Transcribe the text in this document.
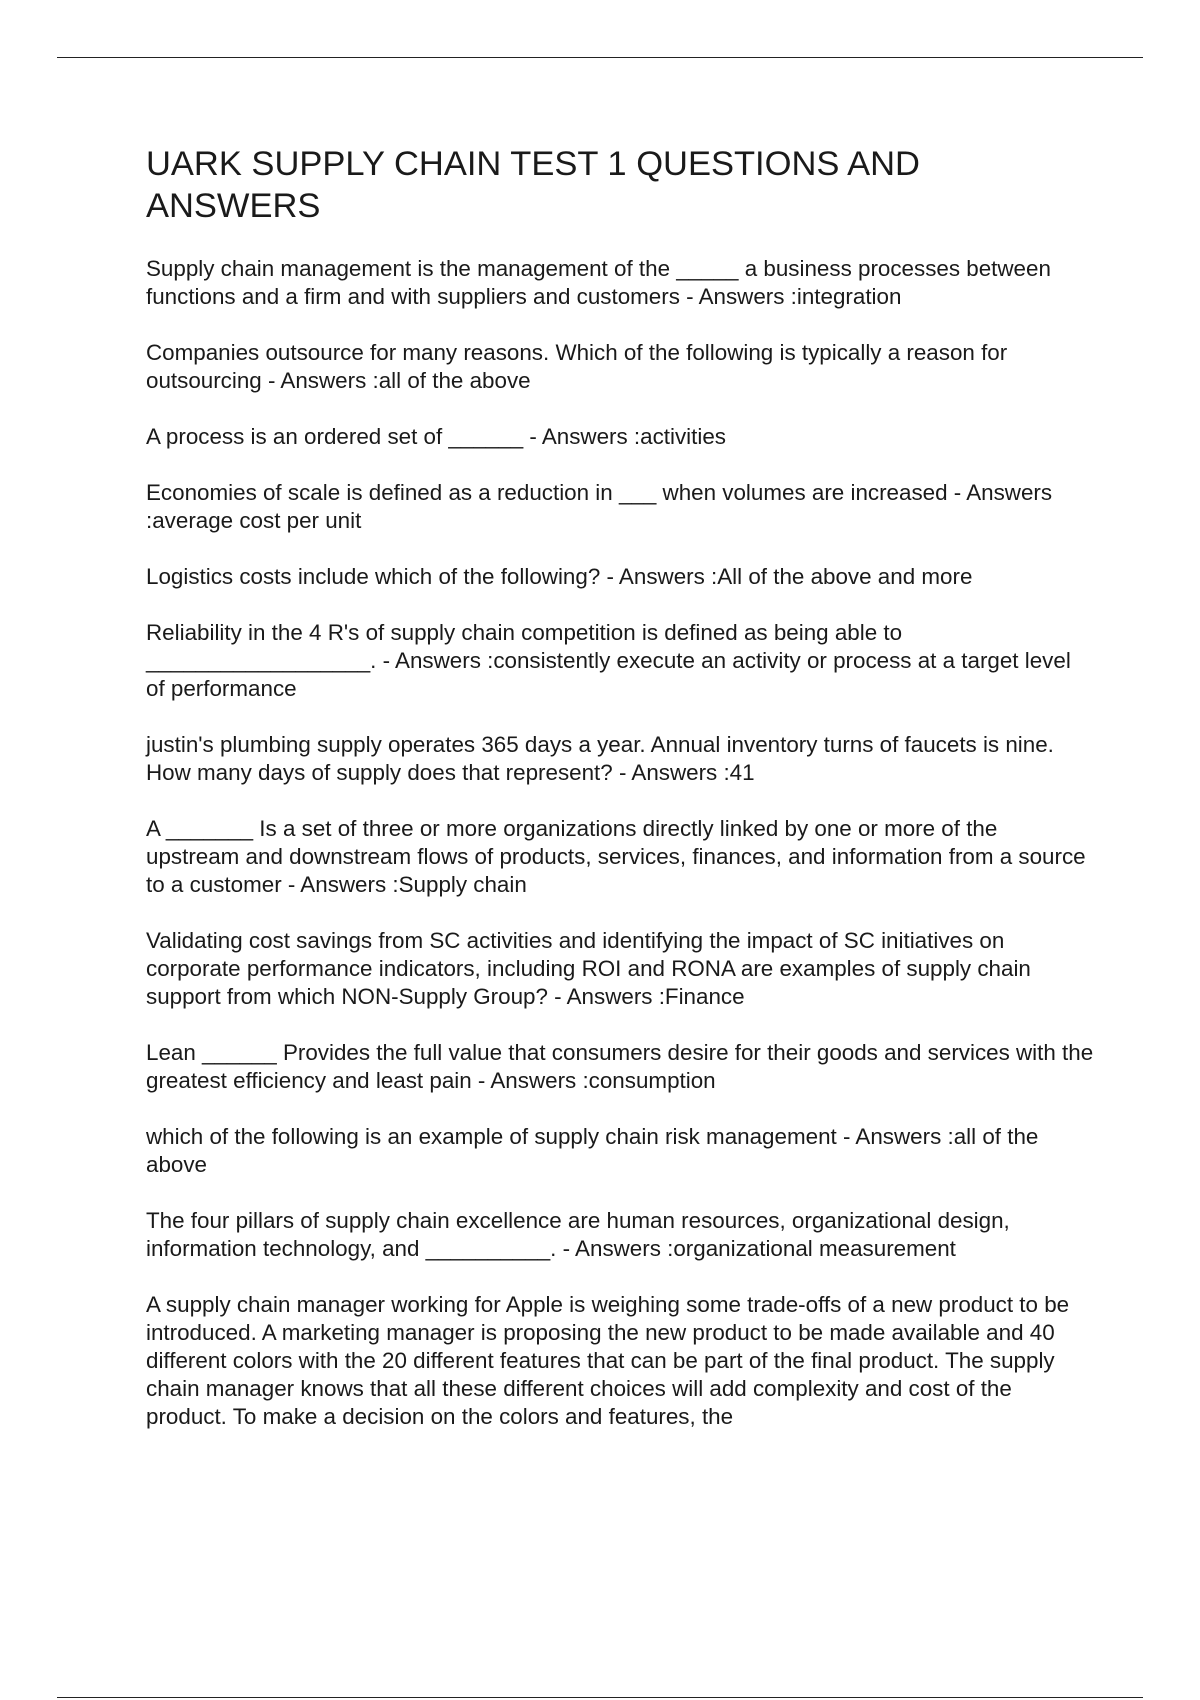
UARK SUPPLY CHAIN TEST 1 QUESTIONS AND ANSWERS

Supply chain management is the management of the _____ a business processes between functions and a firm and with suppliers and customers - Answers :integration

Companies outsource for many reasons. Which of the following is typically a reason for outsourcing - Answers :all of the above

A process is an ordered set of ______ - Answers :activities

Economies of scale is defined as a reduction in ___ when volumes are increased - Answers :average cost per unit

Logistics costs include which of the following? - Answers :All of the above and more

Reliability in the 4 R's of supply chain competition is defined as being able to __________________. - Answers :consistently execute an activity or process at a target level of performance

justin's plumbing supply operates 365 days a year. Annual inventory turns of faucets is nine. How many days of supply does that represent? - Answers :41

A _______ Is a set of three or more organizations directly linked by one or more of the upstream and downstream flows of products, services, finances, and information from a source to a customer - Answers :Supply chain

Validating cost savings from SC activities and identifying the impact of SC initiatives on corporate performance indicators, including ROI and RONA are examples of supply chain support from which NON-Supply Group? - Answers :Finance

Lean ______ Provides the full value that consumers desire for their goods and services with the greatest efficiency and least pain - Answers :consumption

which of the following is an example of supply chain risk management - Answers :all of the above

The four pillars of supply chain excellence are human resources, organizational design, information technology, and __________. - Answers :organizational measurement

A supply chain manager working for Apple is weighing some trade-offs of a new product to be introduced. A marketing manager is proposing the new product to be made available and 40 different colors with the 20 different features that can be part of the final product. The supply chain manager knows that all these different choices will add complexity and cost of the product. To make a decision on the colors and features, the
